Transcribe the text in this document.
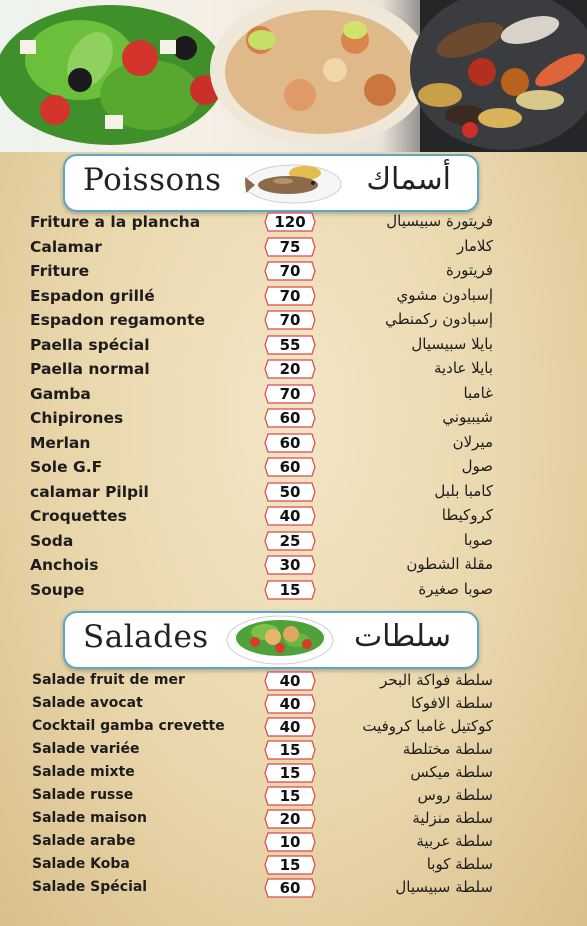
Poissons	أسماك
Friture a la plancha	120	فريتورة سبيسيال
Calamar	75	كلامار
Friture	70	فريتورة
Espadon grillé	70	إسبادون مشوي
Espadon regamonte	70	إسبادون ركمنطي
Paella spécial	55	بايلا سبيسيال
Paella normal	20	بايلا عادية
Gamba	70	غامبا
Chipirones	60	شيبيوني
Merlan	60	ميرلان
Sole G.F	60	صول
calamar Pilpil	50	كامبا بلبل
Croquettes	40	كروكيطا
Soda	25	صوبا
Anchois	30	مقلة الشطون
Soupe	15	صوبا صغيرة
Salades	سلطات
Salade fruit de mer	40	سلطة فواكة البحر
Salade avocat	40	سلطة الافوكا
Cocktail gamba crevette	40	كوكتيل غامبا كروفيت
Salade variée	15	سلطة مختلطة
Salade mixte	15	سلطة ميكس
Salade russe	15	سلطة روس
Salade maison	20	سلطة منزلية
Salade arabe	10	سلطة عربية
Salade Koba	15	سلطة كوبا
Salade Spécial	60	سلطة سبيسيال
